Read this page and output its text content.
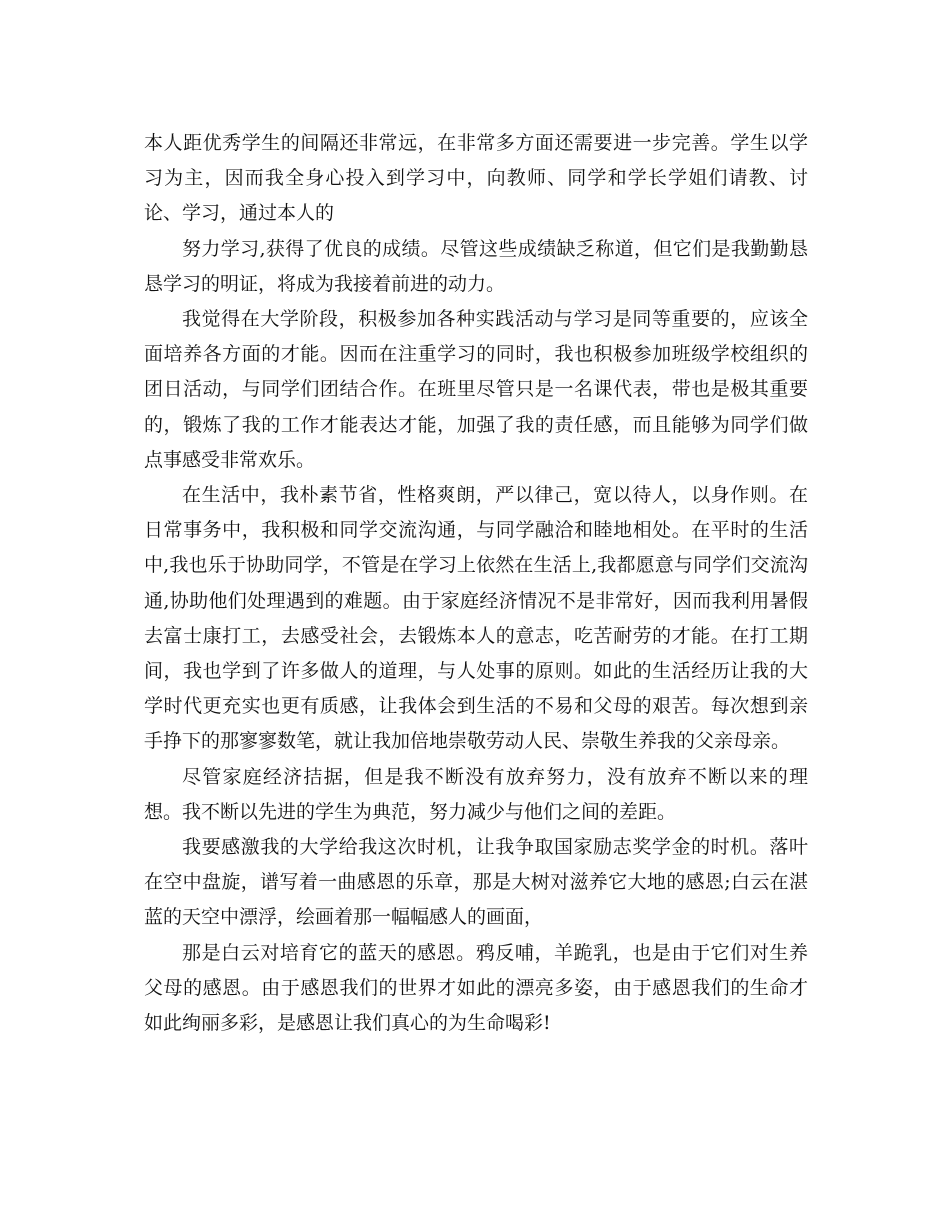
本人距优秀学生的间隔还非常远，在非常多方面还需要进一步完善。学生以学习为主，因而我全身心投入到学习中，向教师、同学和学长学姐们请教、讨论、学习，通过本人的

努力学习,获得了优良的成绩。尽管这些成绩缺乏称道，但它们是我勤勤恳恳学习的明证，将成为我接着前进的动力。

我觉得在大学阶段，积极参加各种实践活动与学习是同等重要的，应该全面培养各方面的才能。因而在注重学习的同时，我也积极参加班级学校组织的团日活动，与同学们团结合作。在班里尽管只是一名课代表，带也是极其重要的，锻炼了我的工作才能表达才能，加强了我的责任感，而且能够为同学们做点事感受非常欢乐。

在生活中，我朴素节省，性格爽朗，严以律己，宽以待人，以身作则。在日常事务中，我积极和同学交流沟通，与同学融洽和睦地相处。在平时的生活中,我也乐于协助同学，不管是在学习上依然在生活上,我都愿意与同学们交流沟通,协助他们处理遇到的难题。由于家庭经济情况不是非常好，因而我利用暑假去富士康打工，去感受社会，去锻炼本人的意志，吃苦耐劳的才能。在打工期间，我也学到了许多做人的道理，与人处事的原则。如此的生活经历让我的大学时代更充实也更有质感，让我体会到生活的不易和父母的艰苦。每次想到亲手挣下的那寥寥数笔，就让我加倍地崇敬劳动人民、崇敬生养我的父亲母亲。

尽管家庭经济拮据，但是我不断没有放弃努力，没有放弃不断以来的理想。我不断以先进的学生为典范，努力减少与他们之间的差距。

我要感激我的大学给我这次时机，让我争取国家励志奖学金的时机。落叶在空中盘旋，谱写着一曲感恩的乐章，那是大树对滋养它大地的感恩;白云在湛蓝的天空中漂浮，绘画着那一幅幅感人的画面，

那是白云对培育它的蓝天的感恩。鸦反哺，羊跪乳，也是由于它们对生养父母的感恩。由于感恩我们的世界才如此的漂亮多姿，由于感恩我们的生命才如此绚丽多彩，是感恩让我们真心的为生命喝彩!
